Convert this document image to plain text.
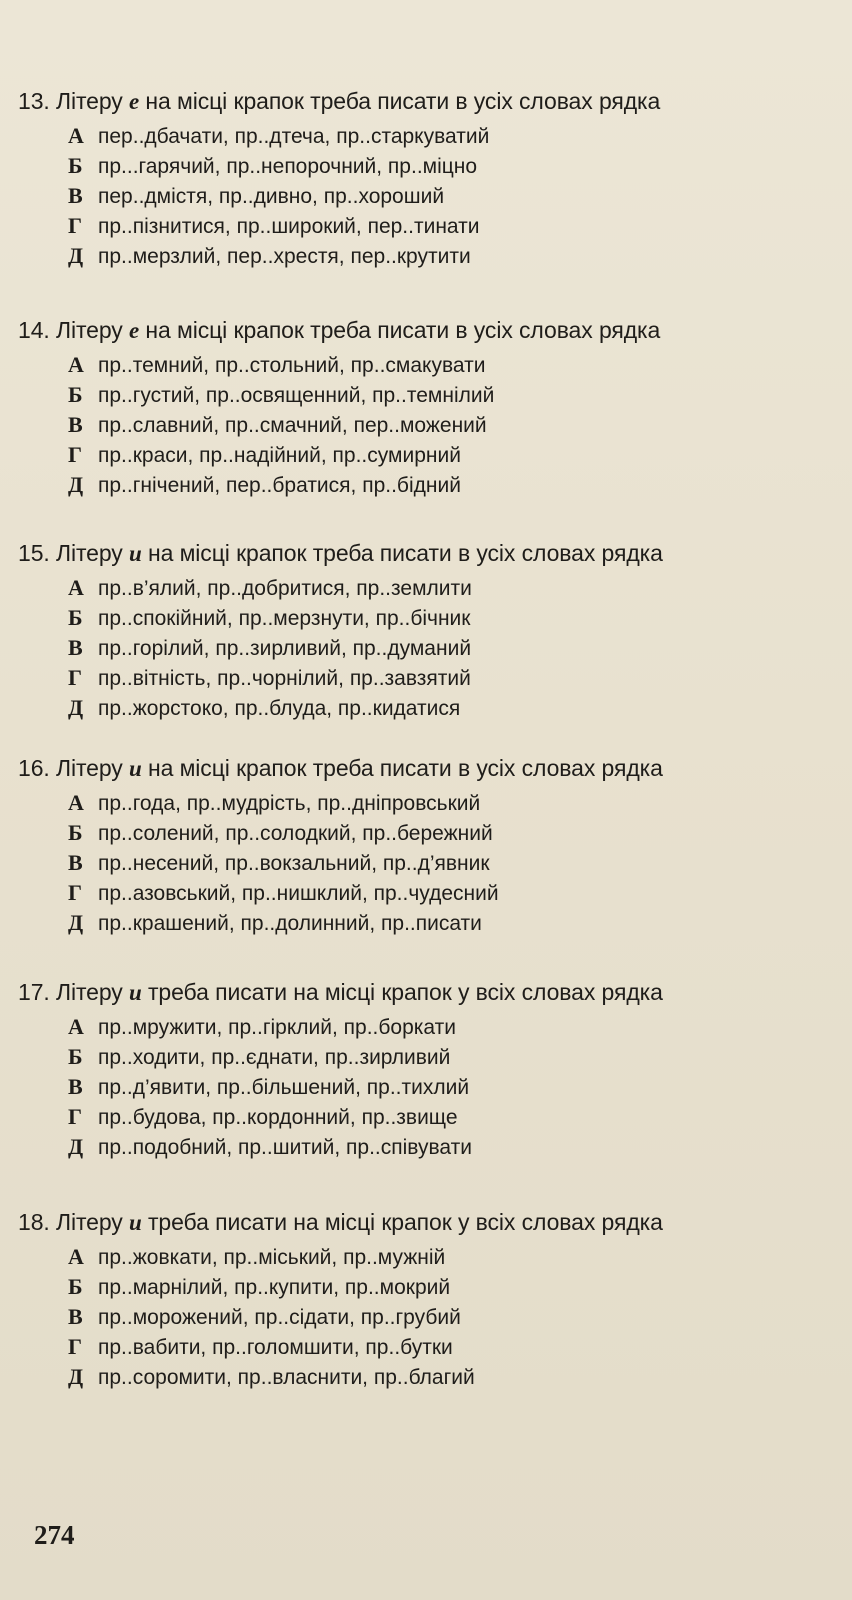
13. Літеру е на місці крапок треба писати в усіх словах рядка
А пер..дбачати, пр..дтеча, пр..старкуватий
Б пр...гарячий, пр..непорочний, пр..міцно
В пер..дмістя, пр..дивно, пр..хороший
Г пр..пізнитися, пр..широкий, пер..тинати
Д пр..мерзлий, пер..хрестя, пер..крутити
14. Літеру е на місці крапок треба писати в усіх словах рядка
А пр..темний, пр..стольний, пр..смакувати
Б пр..густий, пр..освященний, пр..темнілий
В пр..славний, пр..смачний, пер..можений
Г пр..краси, пр..надійний, пр..сумирний
Д пр..гнічений, пер..братися, пр..бідний
15. Літеру и на місці крапок треба писати в усіх словах рядка
А пр..в’ялий, пр..добритися, пр..землити
Б пр..спокійний, пр..мерзнути, пр..бічник
В пр..горілий, пр..зирливий, пр..думаний
Г пр..вітність, пр..чорнілий, пр..завзятий
Д пр..жорстоко, пр..блуда, пр..кидатися
16. Літеру и на місці крапок треба писати в усіх словах рядка
А пр..года, пр..мудрість, пр..дніпровський
Б пр..солений, пр..солодкий, пр..бережний
В пр..несений, пр..вокзальний, пр..д’явник
Г пр..азовський, пр..нишклий, пр..чудесний
Д пр..крашений, пр..долинний, пр..писати
17. Літеру и треба писати на місці крапок у всіх словах рядка
А пр..мружити, пр..гірклий, пр..боркати
Б пр..ходити, пр..єднати, пр..зирливий
В пр..д’явити, пр..більшений, пр..тихлий
Г пр..будова, пр..кордонний, пр..звище
Д пр..подобний, пр..шитий, пр..співувати
18. Літеру и треба писати на місці крапок у всіх словах рядка
А пр..жовкати, пр..міський, пр..мужній
Б пр..марнілий, пр..купити, пр..мокрий
В пр..морожений, пр..сідати, пр..грубий
Г пр..вабити, пр..голомшити, пр..бутки
Д пр..соромити, пр..власнити, пр..благий
274
